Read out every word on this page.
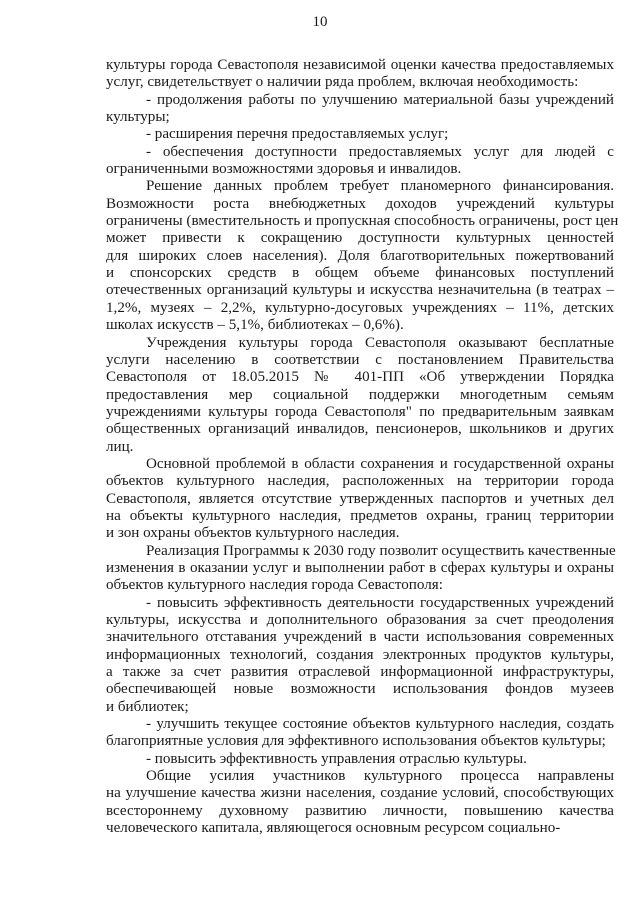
10
культуры города Севастополя независимой оценки качества предоставляемых
услуг, свидетельствует о наличии ряда проблем, включая необходимость:
- продолжения работы по улучшению материальной базы учреждений
культуры;
- расширения перечня предоставляемых услуг;
- обеспечения доступности предоставляемых услуг для людей с
ограниченными возможностями здоровья и инвалидов.
Решение данных проблем требует планомерного финансирования.
Возможности роста внебюджетных доходов учреждений культуры
ограничены (вместительность и пропускная способность ограничены, рост цен
может привести к сокращению доступности культурных ценностей
для широких слоев населения). Доля благотворительных пожертвований
и спонсорских средств в общем объеме финансовых поступлений
отечественных организаций культуры и искусства незначительна (в театрах –
1,2%, музеях – 2,2%, культурно-досуговых учреждениях – 11%, детских
школах искусств – 5,1%, библиотеках – 0,6%).
Учреждения культуры города Севастополя оказывают бесплатные
услуги населению в соответствии с постановлением Правительства
Севастополя от 18.05.2015 № 401-ПП «Об утверждении Порядка
предоставления мер социальной поддержки многодетным семьям
учреждениями культуры города Севастополя" по предварительным заявкам
общественных организаций инвалидов, пенсионеров, школьников и других
лиц.
Основной проблемой в области сохранения и государственной охраны
объектов культурного наследия, расположенных на территории города
Севастополя, является отсутствие утвержденных паспортов и учетных дел
на объекты культурного наследия, предметов охраны, границ территории
и зон охраны объектов культурного наследия.
Реализация Программы к 2030 году позволит осуществить качественные
изменения в оказании услуг и выполнении работ в сферах культуры и охраны
объектов культурного наследия города Севастополя:
- повысить эффективность деятельности государственных учреждений
культуры, искусства и дополнительного образования за счет преодоления
значительного отставания учреждений в части использования современных
информационных технологий, создания электронных продуктов культуры,
а также за счет развития отраслевой информационной инфраструктуры,
обеспечивающей новые возможности использования фондов музеев
и библиотек;
- улучшить текущее состояние объектов культурного наследия, создать
благоприятные условия для эффективного использования объектов культуры;
- повысить эффективность управления отраслью культуры.
Общие усилия участников культурного процесса направлены
на улучшение качества жизни населения, создание условий, способствующих
всестороннему духовному развитию личности, повышению качества
человеческого капитала, являющегося основным ресурсом социально-
